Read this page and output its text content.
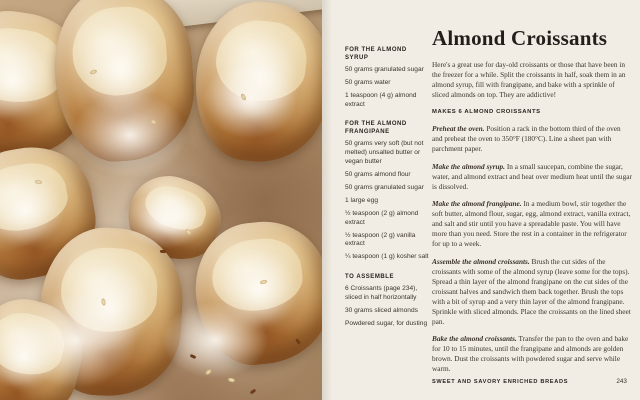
FOR THE ALMOND SYRUP
50 grams granulated sugar
50 grams water
1 teaspoon (4 g) almond extract
FOR THE ALMOND FRANGIPANE
50 grams very soft (but not melted) unsalted butter or vegan butter
50 grams almond flour
50 grams granulated sugar
1 large egg
½ teaspoon (2 g) almond extract
½ teaspoon (2 g) vanilla extract
¼ teaspoon (1 g) kosher salt
TO ASSEMBLE
6 Croissants (page 234), sliced in half horizontally
30 grams sliced almonds
Powdered sugar, for dusting
Almond Croissants

Here's a great use for day-old croissants or those that have been in the freezer for a while. Split the croissants in half, soak them in an almond syrup, fill with frangipane, and bake with a sprinkle of sliced almonds on top. They are addictive!

MAKES 6 ALMOND CROISSANTS

Preheat the oven. Position a rack in the bottom third of the oven and preheat the oven to 350°F (180°C). Line a sheet pan with parchment paper.

Make the almond syrup. In a small saucepan, combine the sugar, water, and almond extract and heat over medium heat until the sugar is dissolved.

Make the almond frangipane. In a medium bowl, stir together the soft butter, almond flour, sugar, egg, almond extract, vanilla extract, and salt and stir until you have a spreadable paste. You will have more than you need. Store the rest in a container in the refrigerator for up to a week.

Assemble the almond croissants. Brush the cut sides of the croissants with some of the almond syrup (leave some for the tops). Spread a thin layer of the almond frangipane on the cut sides of the croissant halves and sandwich them back together. Brush the tops with a bit of syrup and a very thin layer of the almond frangipane. Sprinkle with sliced almonds. Place the croissants on the lined sheet pan.

Bake the almond croissants. Transfer the pan to the oven and bake for 10 to 15 minutes, until the frangipane and almonds are golden brown. Dust the croissants with powdered sugar and serve while warm.

SWEET AND SAVORY ENRICHED BREADS	243
